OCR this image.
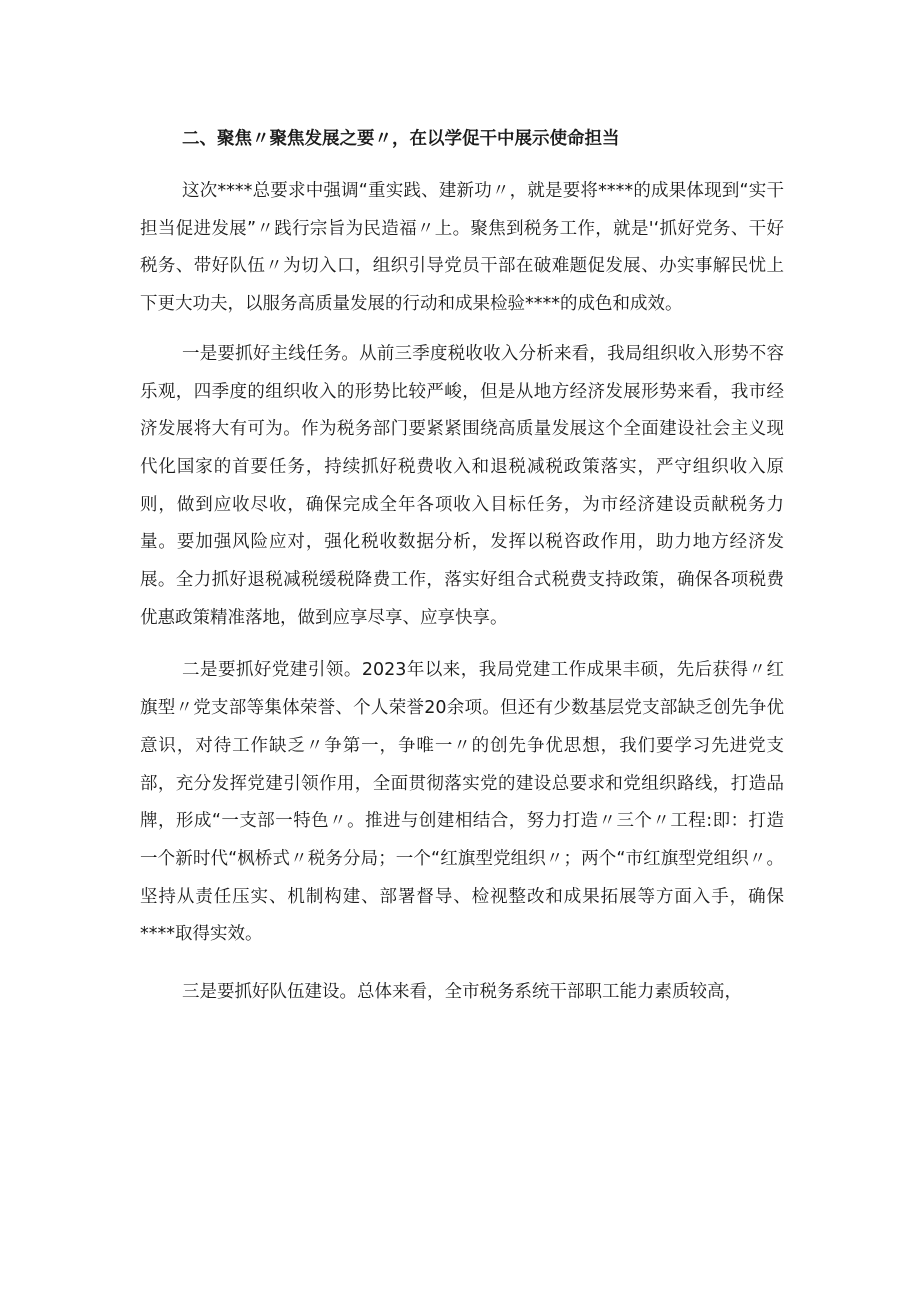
二、聚焦〃聚焦发展之要〃，在以学促干中展示使命担当

这次****总要求中强调“重实践、建新功〃，就是要将****的成果体现到“实干担当促进发展”〃践行宗旨为民造福〃上。聚焦到税务工作，就是'‘抓好党务、干好税务、带好队伍〃为切入口，组织引导党员干部在破难题促发展、办实事解民忧上下更大功夫，以服务高质量发展的行动和成果检验****的成色和成效。

一是要抓好主线任务。从前三季度税收收入分析来看，我局组织收入形势不容乐观，四季度的组织收入的形势比较严峻，但是从地方经济发展形势来看，我市经济发展将大有可为。作为税务部门要紧紧围绕高质量发展这个全面建设社会主义现代化国家的首要任务，持续抓好税费收入和退税减税政策落实，严守组织收入原则，做到应收尽收，确保完成全年各项收入目标任务，为市经济建设贡献税务力量。要加强风险应对，强化税收数据分析，发挥以税咨政作用，助力地方经济发展。全力抓好退税减税缓税降费工作，落实好组合式税费支持政策，确保各项税费优惠政策精准落地，做到应享尽享、应享快享。

二是要抓好党建引领。2023年以来，我局党建工作成果丰硕，先后获得〃红旗型〃党支部等集体荣誉、个人荣誉20余项。但还有少数基层党支部缺乏创先争优意识，对待工作缺乏〃争第一，争唯一〃的创先争优思想，我们要学习先进党支部，充分发挥党建引领作用，全面贯彻落实党的建设总要求和党组织路线，打造品牌，形成“一支部一特色〃。推进与创建相结合，努力打造〃三个〃工程:即：打造一个新时代“枫桥式〃税务分局；一个“红旗型党组织〃；两个“市红旗型党组织〃。坚持从责任压实、机制构建、部署督导、检视整改和成果拓展等方面入手，确保****取得实效。

三是要抓好队伍建设。总体来看，全市税务系统干部职工能力素质较高，
